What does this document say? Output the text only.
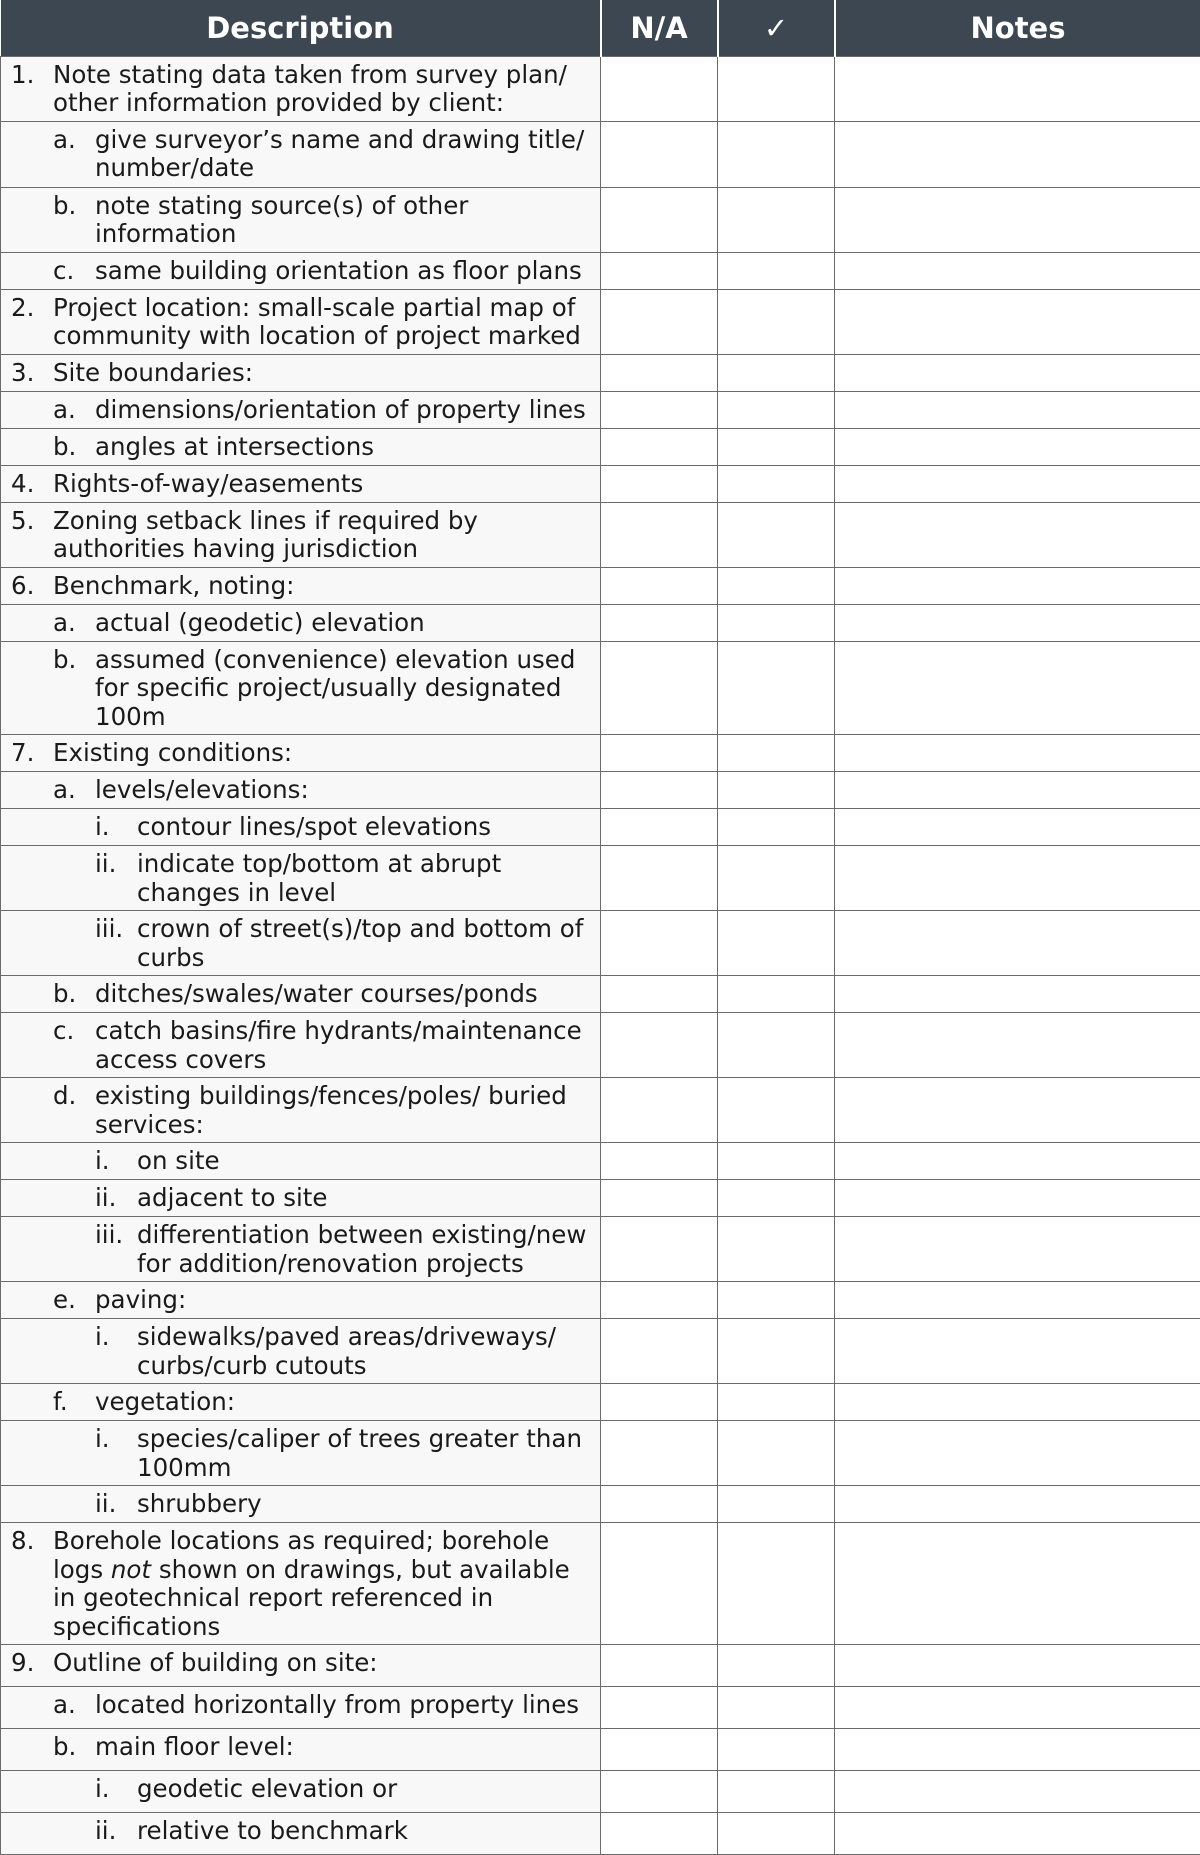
Description	N/A	✓	Notes

1. Note stating data taken from survey plan/ other information provided by client:			

a. give surveyor’s name and drawing title/ number/date			

b. note stating source(s) of other information			

c. same building orientation as floor plans			

2. Project location: small-scale partial map of community with location of project marked			

3. Site boundaries:			

a. dimensions/orientation of property lines			

b. angles at intersections			

4. Rights-of-way/easements			

5. Zoning setback lines if required by authorities having jurisdiction			

6. Benchmark, noting:			

a. actual (geodetic) elevation			

b. assumed (convenience) elevation used for specific project/usually designated 100m			

7. Existing conditions:			

a. levels/elevations:			

i. contour lines/spot elevations			

ii. indicate top/bottom at abrupt changes in level			

iii. crown of street(s)/top and bottom of curbs			

b. ditches/swales/water courses/ponds			

c. catch basins/fire hydrants/maintenance access covers			

d. existing buildings/fences/poles/ buried services:			

i. on site			

ii. adjacent to site			

iii. differentiation between existing/new for addition/renovation projects			

e. paving:			

i. sidewalks/paved areas/driveways/ curbs/curb cutouts			

f. vegetation:			

i. species/caliper of trees greater than 100mm			

ii. shrubbery			

8. Borehole locations as required; borehole logs not shown on drawings, but available in geotechnical report referenced in specifications			

9. Outline of building on site:			

a. located horizontally from property lines			

b. main floor level:			

i. geodetic elevation or			

ii. relative to benchmark			
